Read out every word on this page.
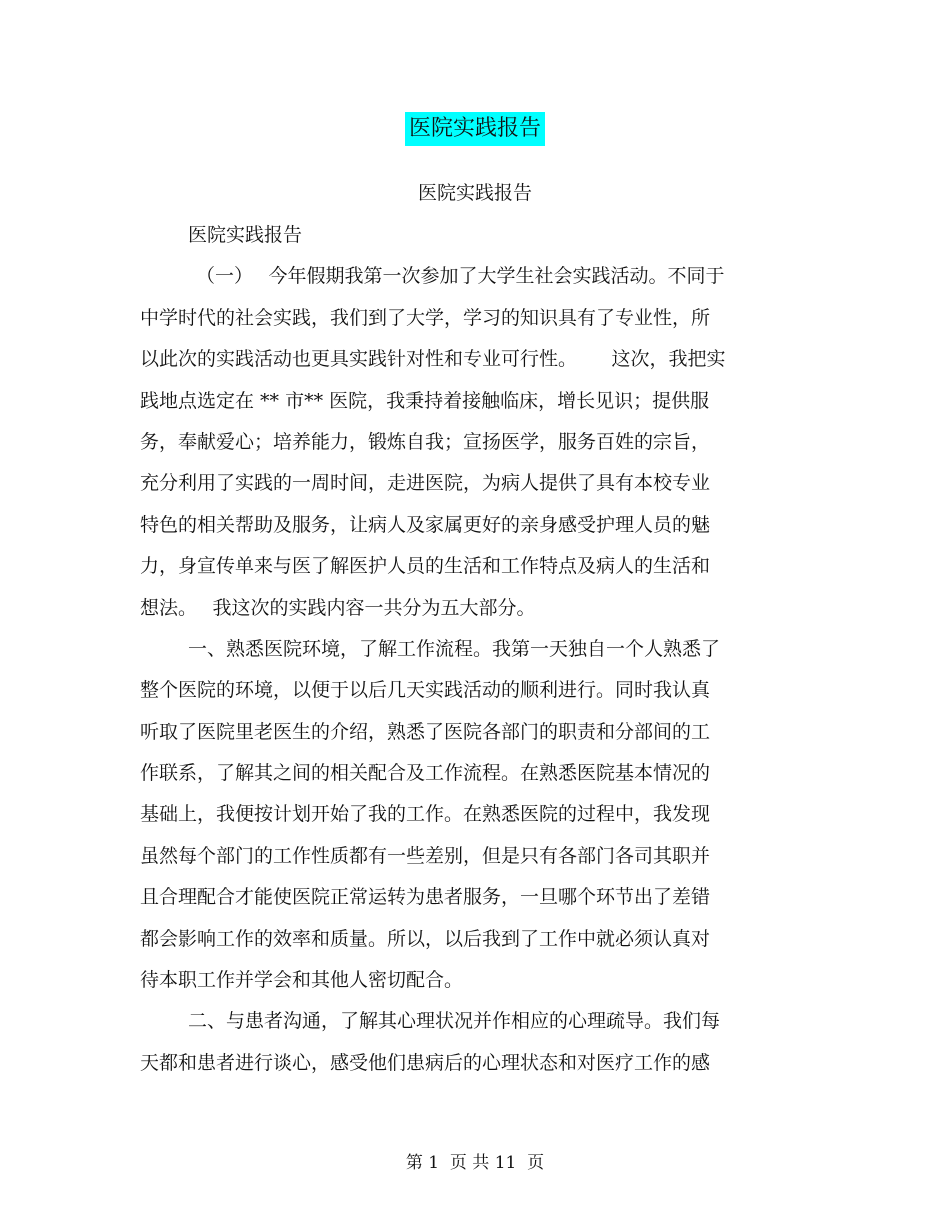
医院实践报告
医院实践报告
医院实践报告
（一）　 今年假期我第一次参加了大学生社会实践活动。不同于
中学时代的社会实践，我们到了大学，学习的知识具有了专业性，所
以此次的实践活动也更具实践针对性和专业可行性。　　 这次，我把实
践地点选定在 ** 市** 医院，我秉持着接触临床，增长见识；提供服
务，奉献爱心；培养能力，锻炼自我；宣扬医学，服务百姓的宗旨，
充分利用了实践的一周时间，走进医院，为病人提供了具有本校专业
特色的相关帮助及服务，让病人及家属更好的亲身感受护理人员的魅
力，身宣传单来与医了解医护人员的生活和工作特点及病人的生活和
想法。　 我这次的实践内容一共分为五大部分。
一、熟悉医院环境，了解工作流程。我第一天独自一个人熟悉了
整个医院的环境，以便于以后几天实践活动的顺利进行。同时我认真
听取了医院里老医生的介绍，熟悉了医院各部门的职责和分部间的工
作联系，了解其之间的相关配合及工作流程。在熟悉医院基本情况的
基础上，我便按计划开始了我的工作。在熟悉医院的过程中，我发现
虽然每个部门的工作性质都有一些差别，但是只有各部门各司其职并
且合理配合才能使医院正常运转为患者服务，一旦哪个环节出了差错
都会影响工作的效率和质量。所以，以后我到了工作中就必须认真对
待本职工作并学会和其他人密切配合。
二、与患者沟通，了解其心理状况并作相应的心理疏导。我们每
天都和患者进行谈心，感受他们患病后的心理状态和对医疗工作的感
第 1  页 共 11  页
